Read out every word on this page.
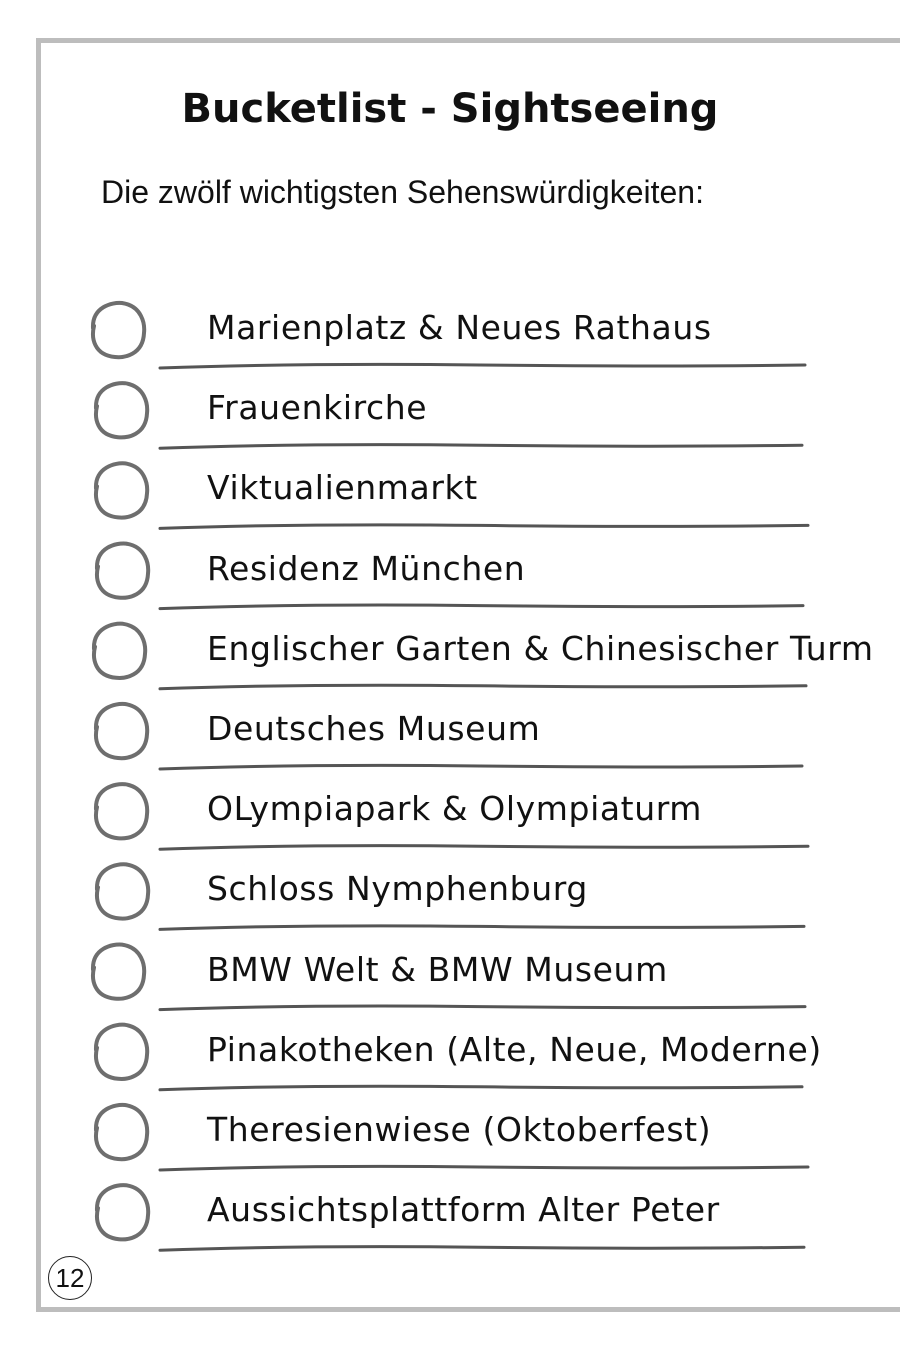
Bucketlist - Sightseeing
Die zwölf wichtigsten Sehenswürdigkeiten:
Marienplatz & Neues Rathaus
Frauenkirche
Viktualienmarkt
Residenz München
Englischer Garten & Chinesischer Turm
Deutsches Museum
OLympiapark & Olympiaturm
Schloss Nymphenburg
BMW Welt & BMW Museum
Pinakotheken (Alte, Neue, Moderne)
Theresienwiese (Oktoberfest)
Aussichtsplattform Alter Peter
12
